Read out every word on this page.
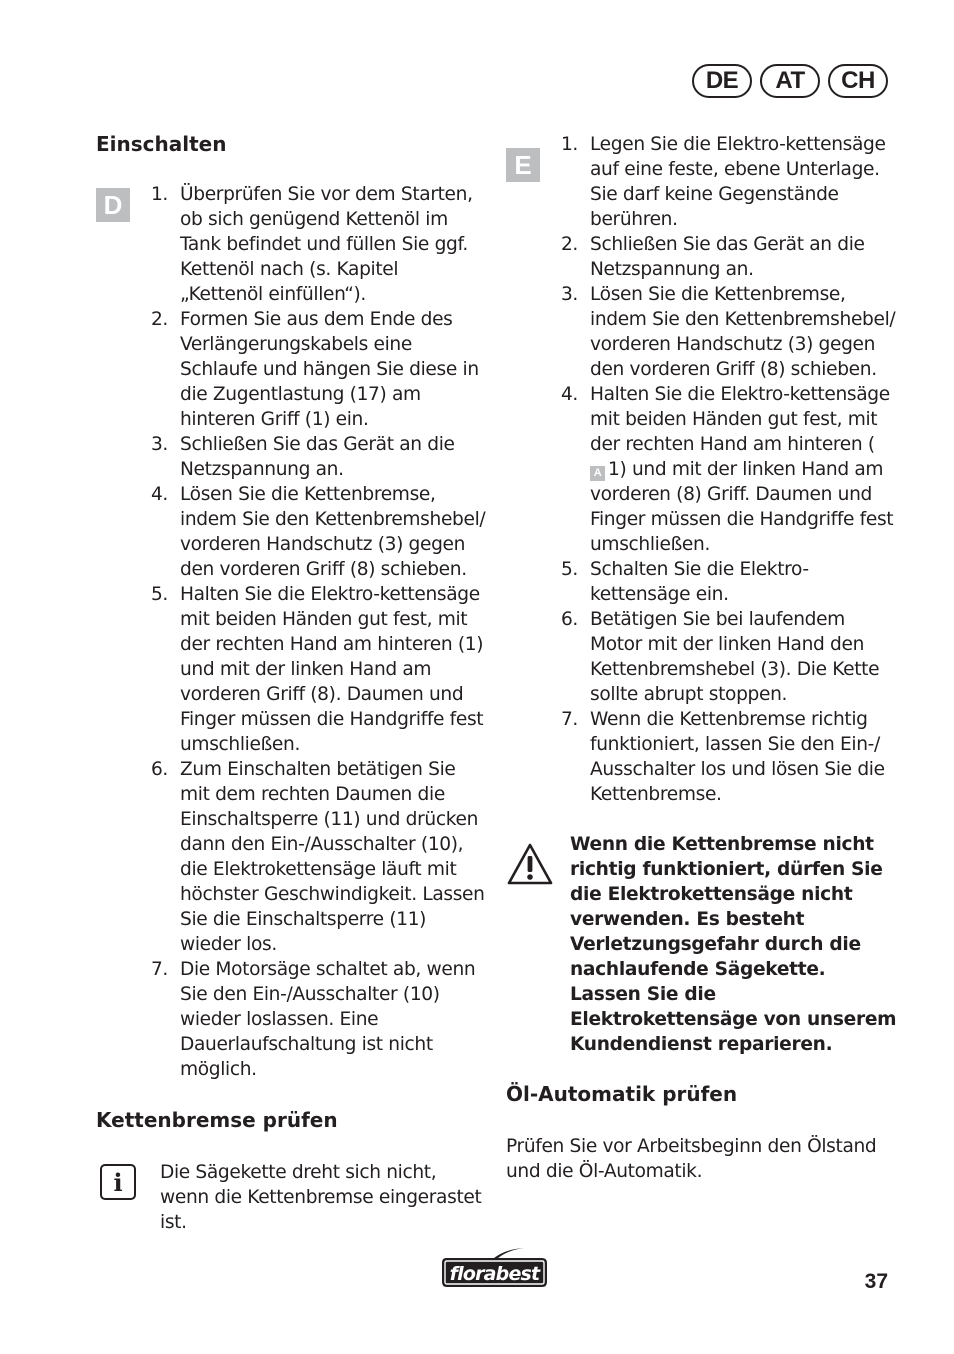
DE	AT	CH
Einschalten
D	1. Überprüfen Sie vor dem Starten, ob sich genügend Kettenöl im Tank befindet und füllen Sie ggf. Kettenöl nach (s. Kapitel „Kettenöl einfüllen“).
2. Formen Sie aus dem Ende des Verlängerungskabels eine Schlaufe und hängen Sie diese in die Zugentlastung (17) am hinteren Griff (1) ein.
3. Schließen Sie das Gerät an die Netzspannung an.
4. Lösen Sie die Kettenbremse, indem Sie den Kettenbremshebel/ vorderen Handschutz (3) gegen den vorderen Griff (8) schieben.
5. Halten Sie die Elektro-kettensäge mit beiden Händen gut fest, mit der rechten Hand am hinteren (1) und mit der linken Hand am vorderen Griff (8). Daumen und Finger müssen die Handgriffe fest umschließen.
6. Zum Einschalten betätigen Sie mit dem rechten Daumen die Einschaltsperre (11) und drücken dann den Ein-/Ausschalter (10), die Elektrokettensäge läuft mit höchster Geschwindigkeit. Lassen Sie die Einschaltsperre (11) wieder los.
7. Die Motorsäge schaltet ab, wenn Sie den Ein-/Ausschalter (10) wieder loslassen. Eine Dauerlaufschaltung ist nicht möglich.
Kettenbremse prüfen
i	Die Sägekette dreht sich nicht, wenn die Kettenbremse eingerastet ist.
E
1. Legen Sie die Elektro-kettensäge auf eine feste, ebene Unterlage. Sie darf keine Gegenstände berühren.
2. Schließen Sie das Gerät an die Netzspannung an.
3. Lösen Sie die Kettenbremse, indem Sie den Kettenbremshebel/ vorderen Handschutz (3) gegen den vorderen Griff (8) schieben.
4. Halten Sie die Elektro-kettensäge mit beiden Händen gut fest, mit der rechten Hand am hinteren ( A 1) und mit der linken Hand am vorderen (8) Griff. Daumen und Finger müssen die Handgriffe fest umschließen.
5. Schalten Sie die Elektro-kettensäge ein.
6. Betätigen Sie bei laufendem Motor mit der linken Hand den Kettenbremshebel (3). Die Kette sollte abrupt stoppen.
7. Wenn die Kettenbremse richtig funktioniert, lassen Sie den Ein-/ Ausschalter los und lösen Sie die Kettenbremse.
Wenn die Kettenbremse nicht richtig funktioniert, dürfen Sie die Elektrokettensäge nicht verwenden. Es besteht Verletzungsgefahr durch die nachlaufende Sägekette. Lassen Sie die Elektrokettensäge von unserem Kundendienst reparieren.
Öl-Automatik prüfen
Prüfen Sie vor Arbeitsbeginn den Ölstand und die Öl-Automatik.
florabest	37
